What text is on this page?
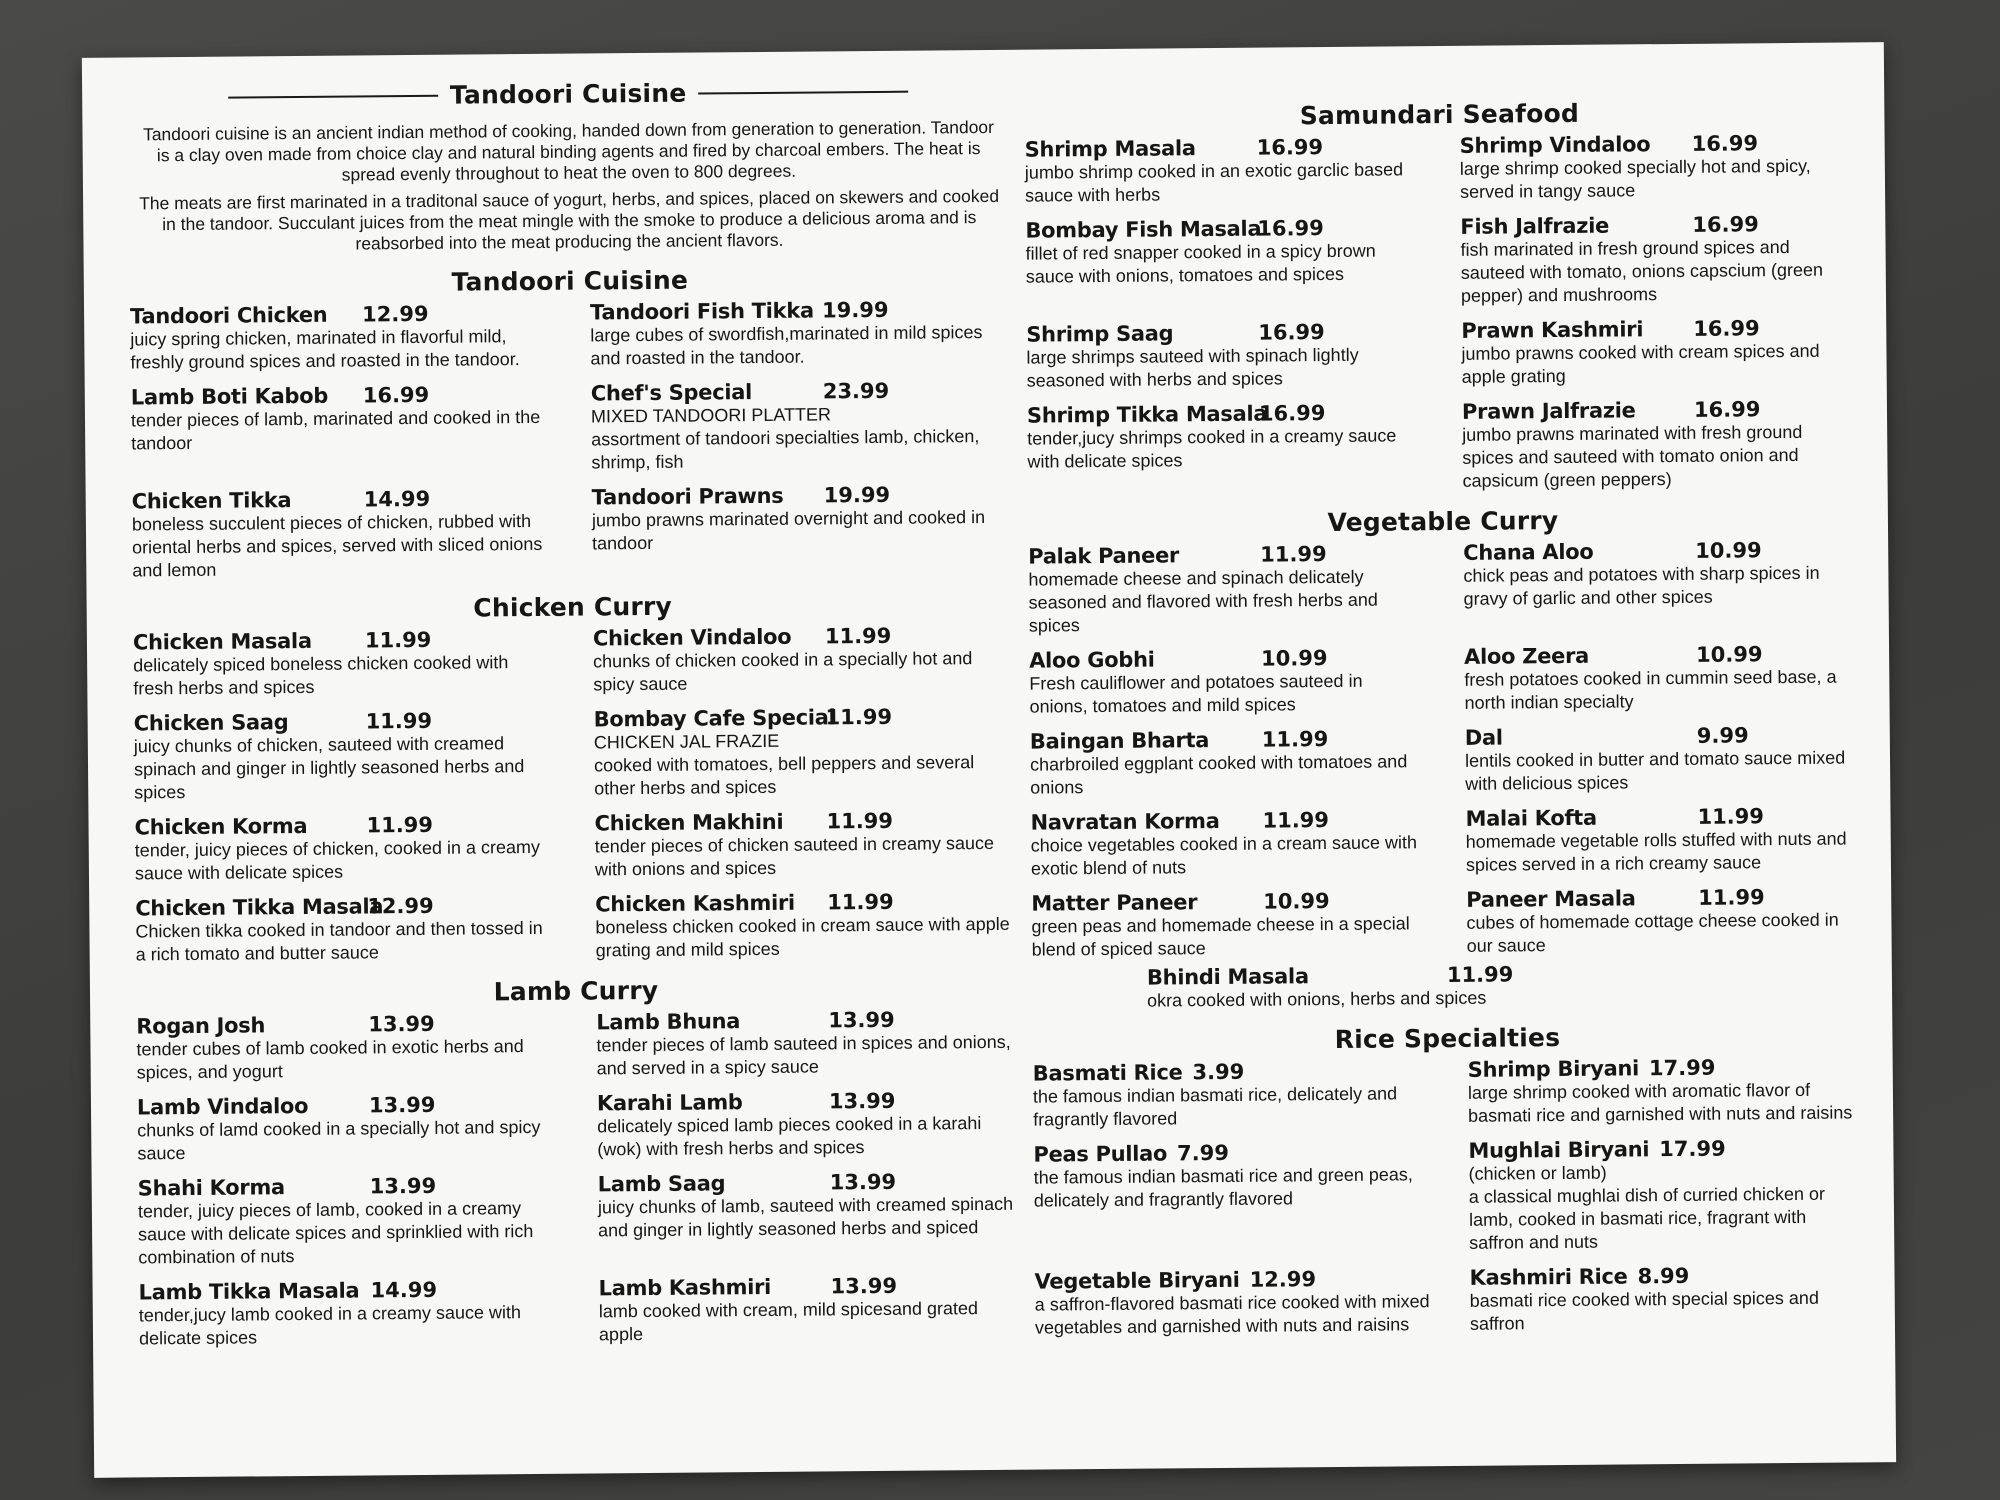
Tandoori Cuisine

Tandoori cuisine is an ancient indian method of cooking, handed down from generation to generation. Tandoor is a clay oven made from choice clay and natural binding agents and fired by charcoal embers. The heat is spread evenly throughout to heat the oven to 800 degrees.

The meats are first marinated in a traditonal sauce of yogurt, herbs, and spices, placed on skewers and cooked in the tandoor. Succulant juices from the meat mingle with the smoke to produce a delicious aroma and is reabsorbed into the meat producing the ancient flavors.

Tandoori Cuisine
Tandoori Chicken	12.99
juicy spring chicken, marinated in flavorful mild, freshly ground spices and roasted in the tandoor.
Tandoori Fish Tikka 19.99
large cubes of swordfish,marinated in mild spices and roasted in the tandoor.
Lamb Boti Kabob	16.99
tender pieces of lamb, marinated and cooked in the tandoor
Chef's Special	23.99
MIXED TANDOORI PLATTER
assortment of tandoori specialties lamb, chicken, shrimp, fish
Chicken Tikka	14.99
boneless succulent pieces of chicken, rubbed with oriental herbs and spices, served with sliced onions and lemon
Tandoori Prawns	19.99
jumbo prawns marinated overnight and cooked in tandoor
Chicken Curry
Chicken Masala	11.99
delicately spiced boneless chicken cooked with fresh herbs and spices
Chicken Vindaloo	11.99
chunks of chicken cooked in a specially hot and spicy sauce
Chicken Saag	11.99
juicy chunks of chicken, sauteed with creamed spinach and ginger in lightly seasoned herbs and spices
Bombay Cafe Special
11.99
CHICKEN JAL FRAZIE
cooked with tomatoes, bell peppers and several other herbs and spices
Chicken Korma	11.99
tender, juicy pieces of chicken, cooked in a creamy sauce with delicate spices
Chicken Makhini	11.99
tender pieces of chicken sauteed in creamy sauce with onions and spices
Chicken Tikka Masala
12.99
Chicken tikka cooked in tandoor and then tossed in a rich tomato and butter sauce
Chicken Kashmiri	11.99
boneless chicken cooked in cream sauce with apple grating and mild spices
Lamb Curry
Rogan Josh	13.99
tender cubes of lamb cooked in exotic herbs and spices, and yogurt
Lamb Bhuna	13.99
tender pieces of lamb sauteed in spices and onions, and served in a spicy sauce
Lamb Vindaloo	13.99
chunks of lamd cooked in a specially hot and spicy sauce
Karahi Lamb	13.99
delicately spiced lamb pieces cooked in a karahi (wok) with fresh herbs and spices
Shahi Korma	13.99
tender, juicy pieces of lamb, cooked in a creamy sauce with delicate spices and sprinklied with rich combination of nuts
Lamb Saag	13.99
juicy chunks of lamb, sauteed with creamed spinach and ginger in lightly seasoned herbs and spiced
Lamb Tikka Masala 14.99
tender,jucy lamb cooked in a creamy sauce with delicate spices
Lamb Kashmiri	13.99
lamb cooked with cream, mild spicesand grated apple
Samundari Seafood
Shrimp Masala	16.99
jumbo shrimp cooked in an exotic garclic based sauce with herbs
Shrimp Vindaloo	16.99
large shrimp cooked specially hot and spicy, served in tangy sauce
Bombay Fish Masala
16.99
fillet of red snapper cooked in a spicy brown sauce with onions, tomatoes and spices
Fish Jalfrazie	16.99
fish marinated in fresh ground spices and sauteed with tomato, onions capscium (green pepper) and mushrooms
Shrimp Saag	16.99
large shrimps sauteed with spinach lightly seasoned with herbs and spices
Prawn Kashmiri	16.99
jumbo prawns cooked with cream spices and apple grating
Shrimp Tikka Masala
16.99
tender,jucy shrimps cooked in a creamy sauce with delicate spices
Prawn Jalfrazie	16.99
jumbo prawns marinated with fresh ground spices and sauteed with tomato onion and capsicum (green peppers)
Vegetable Curry
Palak Paneer	11.99
homemade cheese and spinach delicately seasoned and flavored with fresh herbs and spices
Chana Aloo	10.99
chick peas and potatoes with sharp spices in gravy of garlic and other spices
Aloo Gobhi	10.99
Fresh cauliflower and potatoes sauteed in onions, tomatoes and mild spices
Aloo Zeera	10.99
fresh potatoes cooked in cummin seed base, a north indian specialty
Baingan Bharta	11.99
charbroiled eggplant cooked with tomatoes and onions
Dal	9.99
lentils cooked in butter and tomato sauce mixed with delicious spices
Navratan Korma	11.99
choice vegetables cooked in a cream sauce with exotic blend of nuts
Malai Kofta	11.99
homemade vegetable rolls stuffed with nuts and spices served in a rich creamy sauce
Matter Paneer	10.99
green peas and homemade cheese in a special blend of spiced sauce
Paneer Masala	11.99
cubes of homemade cottage cheese cooked in our sauce
Bhindi Masala	11.99
okra cooked with onions, herbs and spices
Rice Specialties
Basmati Rice 3.99
the famous indian basmati rice, delicately and fragrantly flavored
Shrimp Biryani 17.99
large shrimp cooked with aromatic flavor of basmati rice and garnished with nuts and raisins
Peas Pullao 7.99
the famous indian basmati rice and green peas, delicately and fragrantly flavored
Mughlai Biryani 17.99
(chicken or lamb)
a classical mughlai dish of curried chicken or lamb, cooked in basmati rice, fragrant with saffron and nuts
Vegetable Biryani 12.99
a saffron-flavored basmati rice cooked with mixed vegetables and garnished with nuts and raisins
Kashmiri Rice 8.99
basmati rice cooked with special spices and saffron
